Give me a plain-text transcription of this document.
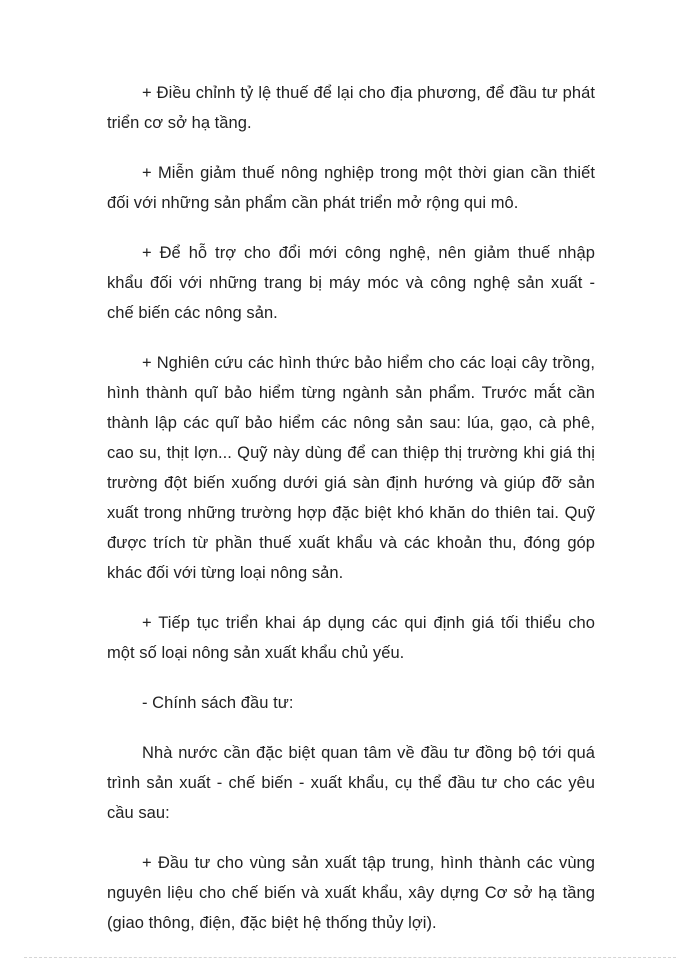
+ Điều chỉnh tỷ lệ thuế để lại cho địa phương, để đầu tư phát triển cơ sở hạ tầng.

+ Miễn giảm thuế nông nghiệp trong một thời gian cần thiết đối với những sản phẩm cần phát triển mở rộng qui mô.

+ Để hỗ trợ cho đổi mới công nghệ, nên giảm thuế nhập khẩu đối với những trang bị máy móc và công nghệ sản xuất - chế biến các nông sản.

+ Nghiên cứu các hình thức bảo hiểm cho các loại cây trồng, hình thành quĩ bảo hiểm từng ngành sản phẩm. Trước mắt cần thành lập các quĩ bảo hiểm các nông sản sau: lúa, gạo, cà phê, cao su, thịt lợn... Quỹ này dùng để can thiệp thị trường khi giá thị trường đột biến xuống dưới giá sàn định hướng và giúp đỡ sản xuất trong những trường hợp đặc biệt khó khăn do thiên tai. Quỹ được trích từ phần thuế xuất khẩu và các khoản thu, đóng góp khác đối với từng loại nông sản.

+ Tiếp tục triển khai áp dụng các qui định giá tối thiểu cho một số loại nông sản xuất khẩu chủ yếu.

- Chính sách đầu tư:

Nhà nước cần đặc biệt quan tâm về đầu tư đồng bộ tới quá trình sản xuất - chế biến - xuất khẩu, cụ thể đầu tư cho các yêu cầu sau:

+ Đầu tư cho vùng sản xuất tập trung, hình thành các vùng nguyên liệu cho chế biến và xuất khẩu, xây dựng Cơ sở hạ tầng (giao thông, điện, đặc biệt hệ thống thủy lợi).
